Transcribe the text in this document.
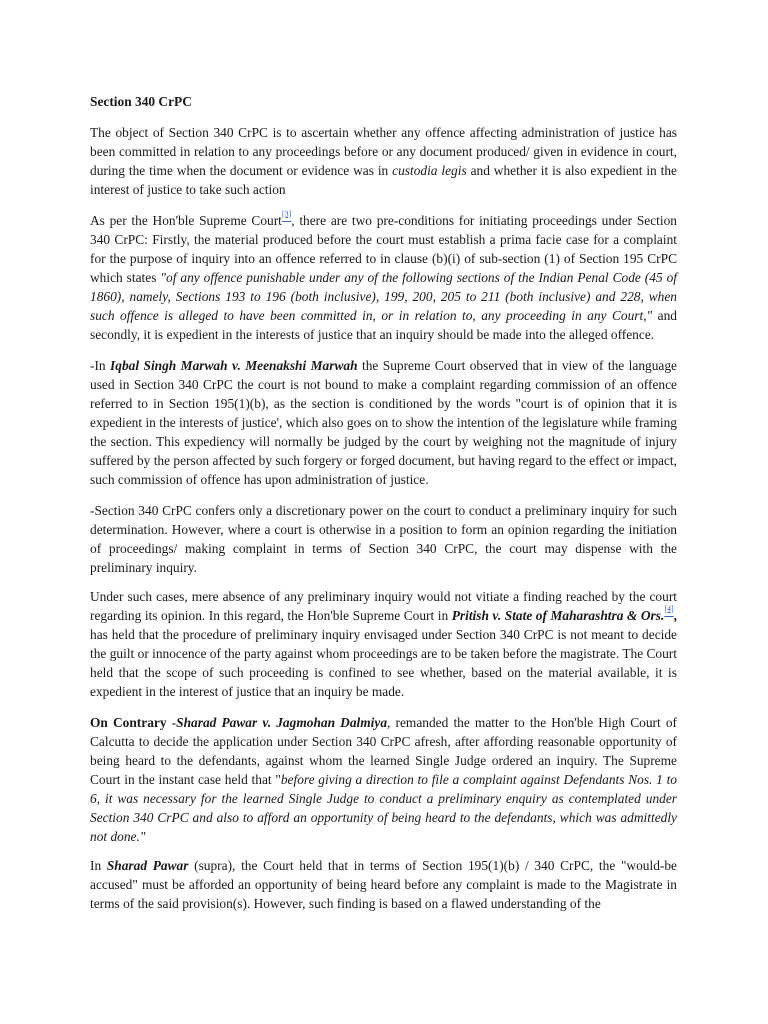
Section 340 CrPC

The object of Section 340 CrPC is to ascertain whether any offence affecting administration of justice has been committed in relation to any proceedings before or any document produced/ given in evidence in court, during the time when the document or evidence was in custodia legis and whether it is also expedient in the interest of justice to take such action

As per the Hon'ble Supreme Court[3], there are two pre-conditions for initiating proceedings under Section 340 CrPC: Firstly, the material produced before the court must establish a prima facie case for a complaint for the purpose of inquiry into an offence referred to in clause (b)(i) of sub-section (1) of Section 195 CrPC which states "of any offence punishable under any of the following sections of the Indian Penal Code (45 of 1860), namely, Sections 193 to 196 (both inclusive), 199, 200, 205 to 211 (both inclusive) and 228, when such offence is alleged to have been committed in, or in relation to, any proceeding in any Court," and secondly, it is expedient in the interests of justice that an inquiry should be made into the alleged offence.

-In Iqbal Singh Marwah v. Meenakshi Marwah the Supreme Court observed that in view of the language used in Section 340 CrPC the court is not bound to make a complaint regarding commission of an offence referred to in Section 195(1)(b), as the section is conditioned by the words "court is of opinion that it is expedient in the interests of justice', which also goes on to show the intention of the legislature while framing the section. This expediency will normally be judged by the court by weighing not the magnitude of injury suffered by the person affected by such forgery or forged document, but having regard to the effect or impact, such commission of offence has upon administration of justice.

-Section 340 CrPC confers only a discretionary power on the court to conduct a preliminary inquiry for such determination. However, where a court is otherwise in a position to form an opinion regarding the initiation of proceedings/ making complaint in terms of Section 340 CrPC, the court may dispense with the preliminary inquiry.

Under such cases, mere absence of any preliminary inquiry would not vitiate a finding reached by the court regarding its opinion. In this regard, the Hon'ble Supreme Court in Pritish v. State of Maharashtra & Ors.[4], has held that the procedure of preliminary inquiry envisaged under Section 340 CrPC is not meant to decide the guilt or innocence of the party against whom proceedings are to be taken before the magistrate. The Court held that the scope of such proceeding is confined to see whether, based on the material available, it is expedient in the interest of justice that an inquiry be made.

On Contrary -Sharad Pawar v. Jagmohan Dalmiya, remanded the matter to the Hon'ble High Court of Calcutta to decide the application under Section 340 CrPC afresh, after affording reasonable opportunity of being heard to the defendants, against whom the learned Single Judge ordered an inquiry. The Supreme Court in the instant case held that "before giving a direction to file a complaint against Defendants Nos. 1 to 6, it was necessary for the learned Single Judge to conduct a preliminary enquiry as contemplated under Section 340 CrPC and also to afford an opportunity of being heard to the defendants, which was admittedly not done."

In Sharad Pawar (supra), the Court held that in terms of Section 195(1)(b) / 340 CrPC, the "would-be accused" must be afforded an opportunity of being heard before any complaint is made to the Magistrate in terms of the said provision(s). However, such finding is based on a flawed understanding of the
